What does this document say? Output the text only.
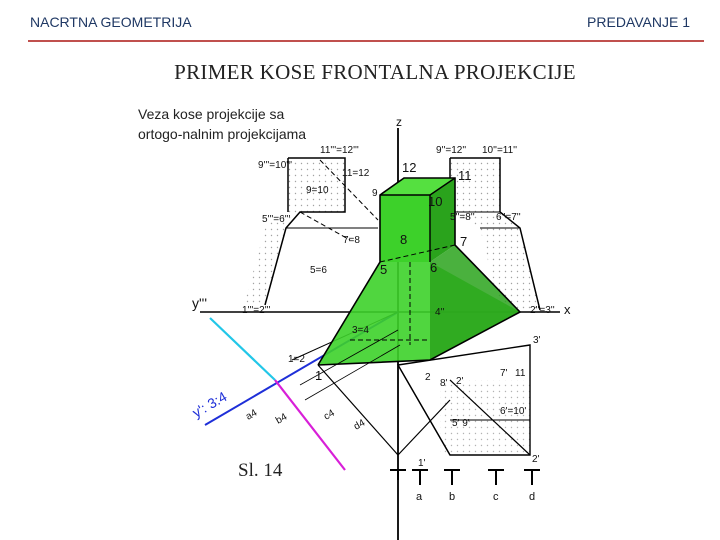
NACRTNA GEOMETRIJA	PREDAVANJE 1
PRIMER KOSE FRONTALNA PROJEKCIJE
11'''=12'''
9'''=10'''
11=12
9=10	9
5'''=6'''
7=8
5=6
1'''=2'''
3=4
1=2
9''=12'' 10''=11''
12
11
10
5''=8'' 6''=7''
7
8
6
5
4''	2''=3''
3'
2
8' 2'
7' 11
1
6'=10'
5' 9'
1'	2'
a4 b4	c4
d4
z
x
y'''
y': 3:4
a b	c	d
Veza kose projekcije sa ortogo-nalnim projekcijama
Sl. 14
